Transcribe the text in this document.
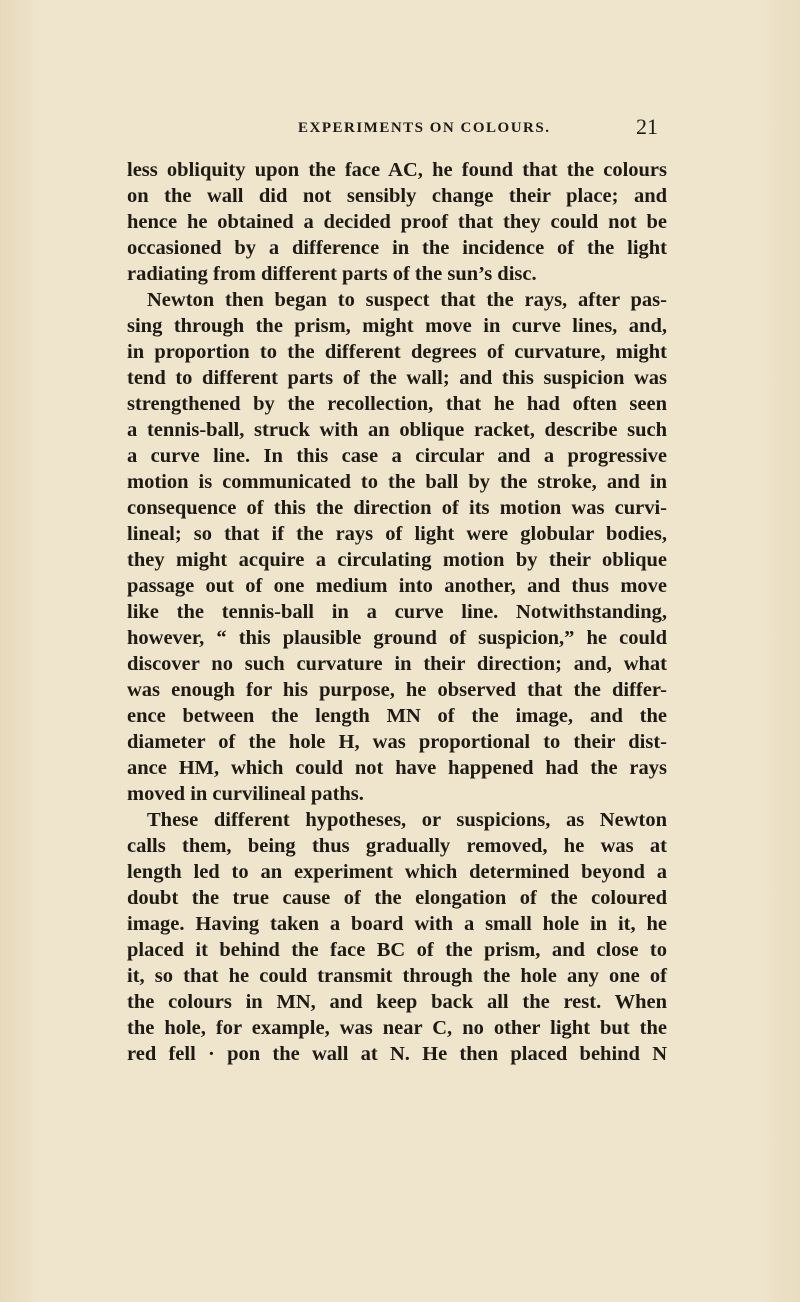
EXPERIMENTS ON COLOURS.	21
less obliquity upon the face AC, he found that the colours
on the wall did not sensibly change their place; and
hence he obtained a decided proof that they could not be
occasioned by a difference in the incidence of the light
radiating from different parts of the sun’s disc.
Newton then began to suspect that the rays, after pas-
sing through the prism, might move in curve lines, and,
in proportion to the different degrees of curvature, might
tend to different parts of the wall; and this suspicion was
strengthened by the recollection, that he had often seen
a tennis-ball, struck with an oblique racket, describe such
a curve line. In this case a circular and a progressive
motion is communicated to the ball by the stroke, and in
consequence of this the direction of its motion was curvi-
lineal; so that if the rays of light were globular bodies,
they might acquire a circulating motion by their oblique
passage out of one medium into another, and thus move
like the tennis-ball in a curve line. Notwithstanding,
however, “ this plausible ground of suspicion,” he could
discover no such curvature in their direction; and, what
was enough for his purpose, he observed that the differ-
ence between the length MN of the image, and the
diameter of the hole H, was proportional to their dist-
ance HM, which could not have happened had the rays
moved in curvilineal paths.
These different hypotheses, or suspicions, as Newton
calls them, being thus gradually removed, he was at
length led to an experiment which determined beyond a
doubt the true cause of the elongation of the coloured
image. Having taken a board with a small hole in it, he
placed it behind the face BC of the prism, and close to
it, so that he could transmit through the hole any one of
the colours in MN, and keep back all the rest. When
the hole, for example, was near C, no other light but the
red fell · pon the wall at N. He then placed behind N
